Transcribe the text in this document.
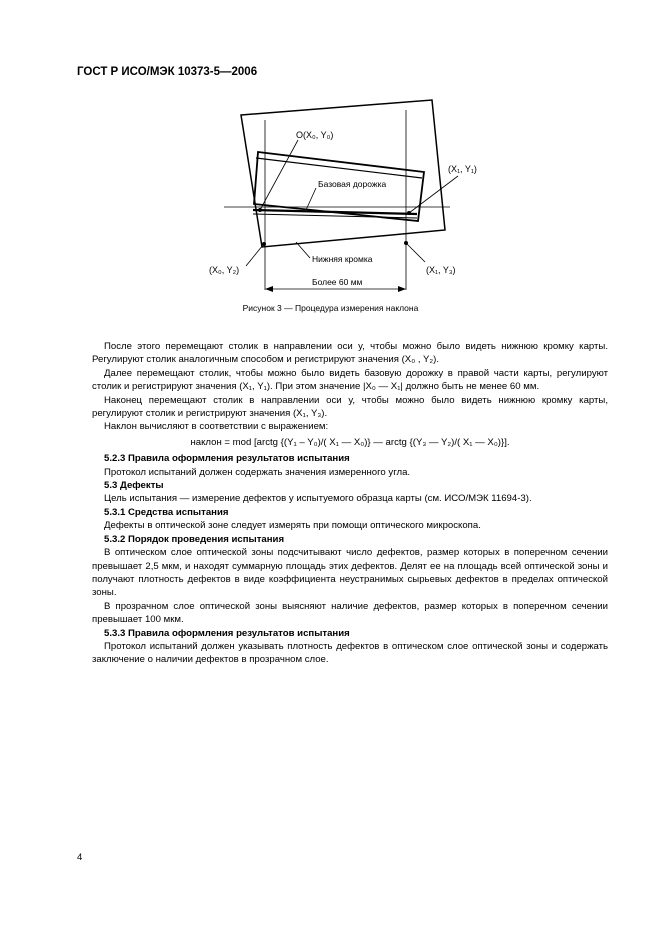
ГОСТ Р ИСО/МЭК 10373-5—2006
O(X₀, Y₀)
(X₁, Y₁)
Базовая дорожка
Нижняя кромка
(X₀, Y₂)	(X₁, Y₃)
Более 60 мм
Рисунок 3 — Процедура измерения наклона

После этого перемещают столик в направлении оси y, чтобы можно было видеть нижнюю кромку карты. Регулируют столик аналогичным способом и регистрируют значения (X₀ , Y₂).

Далее перемещают столик, чтобы можно было видеть базовую дорожку в правой части карты, регулируют столик и регистрируют значения (X₁, Y₁). При этом значение |X₀ — X₁| должно быть не менее 60 мм.

Наконец перемещают столик в направлении оси y, чтобы можно было видеть нижнюю кромку карты, регулируют столик и регистрируют значения (X₁, Y₃).

Наклон вычисляют в соответствии с выражением:

наклон = mod [arctg {(Y₁ – Y₀)/( X₁ — X₀)} — arctg {(Y₃ — Y₂)/( X₁ — X₀)}].

5.2.3 Правила оформления результатов испытания

Протокол испытаний должен содержать значения измеренного угла.

5.3 Дефекты

Цель испытания — измерение дефектов у испытуемого образца карты (см. ИСО/МЭК 11694-3).

5.3.1 Средства испытания

Дефекты в оптической зоне следует измерять при помощи оптического микроскопа.

5.3.2 Порядок проведения испытания

В оптическом слое оптической зоны подсчитывают число дефектов, размер которых в поперечном сечении превышает 2,5 мкм, и находят суммарную площадь этих дефектов. Делят ее на площадь всей оптической зоны и получают плотность дефектов в виде коэффициента неустранимых сырьевых дефектов в пределах оптической зоны.

В прозрачном слое оптической зоны выясняют наличие дефектов, размер которых в поперечном сечении превышает 100 мкм.

5.3.3 Правила оформления результатов испытания

Протокол испытаний должен указывать плотность дефектов в оптическом слое оптической зоны и содержать заключение о наличии дефектов в прозрачном слое.

4
